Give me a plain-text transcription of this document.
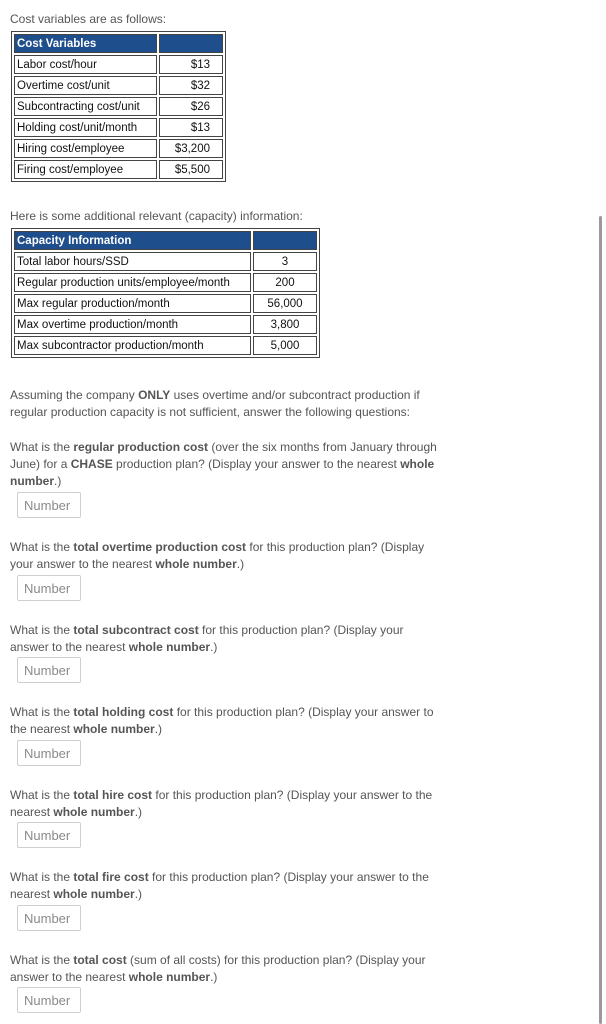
Cost variables are as follows:
Cost Variables	
Labor cost/hour	$13
Overtime cost/unit	$32
Subcontracting cost/unit	$26
Holding cost/unit/month	$13
Hiring cost/employee	$3,200
Firing cost/employee	$5,500
Here is some additional relevant (capacity) information:
Capacity Information	
Total labor hours/SSD	3
Regular production units/employee/month	200
Max regular production/month	56,000
Max overtime production/month	3,800
Max subcontractor production/month	5,000
Assuming the company ONLY uses overtime and/or subcontract production if regular production capacity is not sufficient, answer the following questions:
What is the regular production cost (over the six months from January through June) for a CHASE production plan? (Display your answer to the nearest whole number.)
Number
What is the total overtime production cost for this production plan? (Display your answer to the nearest whole number.)
Number
What is the total subcontract cost for this production plan? (Display your answer to the nearest whole number.)
Number
What is the total holding cost for this production plan? (Display your answer to the nearest whole number.)
Number
What is the total hire cost for this production plan? (Display your answer to the nearest whole number.)
Number
What is the total fire cost for this production plan? (Display your answer to the nearest whole number.)
Number
What is the total cost (sum of all costs) for this production plan? (Display your answer to the nearest whole number.)
Number
